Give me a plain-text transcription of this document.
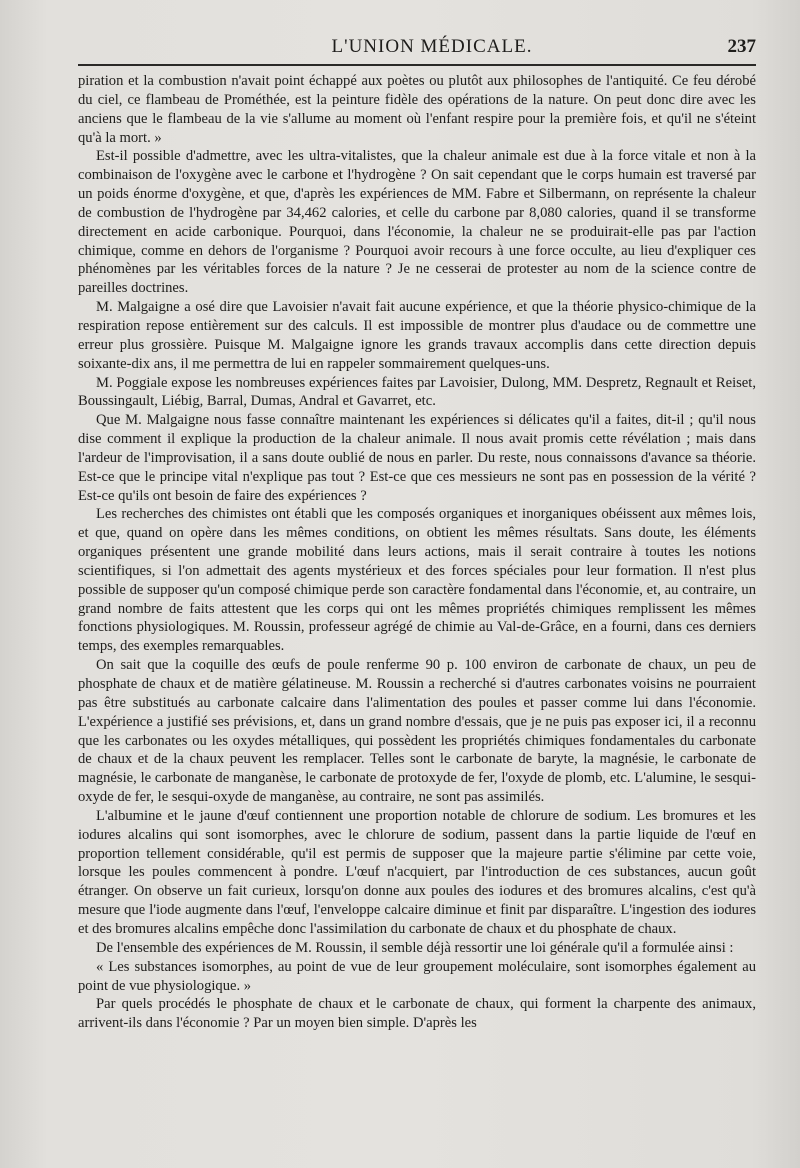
L'UNION MÉDICALE.	237

piration et la combustion n'avait point échappé aux poètes ou plutôt aux philosophes de l'antiquité. Ce feu dérobé du ciel, ce flambeau de Prométhée, est la peinture fidèle des opérations de la nature. On peut donc dire avec les anciens que le flambeau de la vie s'allume au moment où l'enfant respire pour la première fois, et qu'il ne s'éteint qu'à la mort. »

Est-il possible d'admettre, avec les ultra-vitalistes, que la chaleur animale est due à la force vitale et non à la combinaison de l'oxygène avec le carbone et l'hydrogène ? On sait cependant que le corps humain est traversé par un poids énorme d'oxygène, et que, d'après les expériences de MM. Fabre et Silbermann, on représente la chaleur de combustion de l'hydrogène par 34,462 calories, et celle du carbone par 8,080 calories, quand il se transforme directement en acide carbonique. Pourquoi, dans l'économie, la chaleur ne se produirait-elle pas par l'action chimique, comme en dehors de l'organisme ? Pourquoi avoir recours à une force occulte, au lieu d'expliquer ces phénomènes par les véritables forces de la nature ? Je ne cesserai de protester au nom de la science contre de pareilles doctrines.

M. Malgaigne a osé dire que Lavoisier n'avait fait aucune expérience, et que la théorie physico-chimique de la respiration repose entièrement sur des calculs. Il est impossible de montrer plus d'audace ou de commettre une erreur plus grossière. Puisque M. Malgaigne ignore les grands travaux accomplis dans cette direction depuis soixante-dix ans, il me permettra de lui en rappeler sommairement quelques-uns.

M. Poggiale expose les nombreuses expériences faites par Lavoisier, Dulong, MM. Despretz, Regnault et Reiset, Boussingault, Liébig, Barral, Dumas, Andral et Gavarret, etc.

Que M. Malgaigne nous fasse connaître maintenant les expériences si délicates qu'il a faites, dit-il ; qu'il nous dise comment il explique la production de la chaleur animale. Il nous avait promis cette révélation ; mais dans l'ardeur de l'improvisation, il a sans doute oublié de nous en parler. Du reste, nous connaissons d'avance sa théorie. Est-ce que le principe vital n'explique pas tout ? Est-ce que ces messieurs ne sont pas en possession de la vérité ? Est-ce qu'ils ont besoin de faire des expériences ?

Les recherches des chimistes ont établi que les composés organiques et inorganiques obéissent aux mêmes lois, et que, quand on opère dans les mêmes conditions, on obtient les mêmes résultats. Sans doute, les éléments organiques présentent une grande mobilité dans leurs actions, mais il serait contraire à toutes les notions scientifiques, si l'on admettait des agents mystérieux et des forces spéciales pour leur formation. Il n'est plus possible de supposer qu'un composé chimique perde son caractère fondamental dans l'économie, et, au contraire, un grand nombre de faits attestent que les corps qui ont les mêmes propriétés chimiques remplissent les mêmes fonctions physiologiques. M. Roussin, professeur agrégé de chimie au Val-de-Grâce, en a fourni, dans ces derniers temps, des exemples remarquables.

On sait que la coquille des œufs de poule renferme 90 p. 100 environ de carbonate de chaux, un peu de phosphate de chaux et de matière gélatineuse. M. Roussin a recherché si d'autres carbonates voisins ne pourraient pas être substitués au carbonate calcaire dans l'alimentation des poules et passer comme lui dans l'économie. L'expérience a justifié ses prévisions, et, dans un grand nombre d'essais, que je ne puis pas exposer ici, il a reconnu que les carbonates ou les oxydes métalliques, qui possèdent les propriétés chimiques fondamentales du carbonate de chaux et de la chaux peuvent les remplacer. Telles sont le carbonate de baryte, la magnésie, le carbonate de magnésie, le carbonate de manganèse, le carbonate de protoxyde de fer, l'oxyde de plomb, etc. L'alumine, le sesqui-oxyde de fer, le sesqui-oxyde de manganèse, au contraire, ne sont pas assimilés.

L'albumine et le jaune d'œuf contiennent une proportion notable de chlorure de sodium. Les bromures et les iodures alcalins qui sont isomorphes, avec le chlorure de sodium, passent dans la partie liquide de l'œuf en proportion tellement considérable, qu'il est permis de supposer que la majeure partie s'élimine par cette voie, lorsque les poules commencent à pondre. L'œuf n'acquiert, par l'introduction de ces substances, aucun goût étranger. On observe un fait curieux, lorsqu'on donne aux poules des iodures et des bromures alcalins, c'est qu'à mesure que l'iode augmente dans l'œuf, l'enveloppe calcaire diminue et finit par disparaître. L'ingestion des iodures et des bromures alcalins empêche donc l'assimilation du carbonate de chaux et du phosphate de chaux.

De l'ensemble des expériences de M. Roussin, il semble déjà ressortir une loi générale qu'il a formulée ainsi :

« Les substances isomorphes, au point de vue de leur groupement moléculaire, sont isomorphes également au point de vue physiologique. »

Par quels procédés le phosphate de chaux et le carbonate de chaux, qui forment la charpente des animaux, arrivent-ils dans l'économie ? Par un moyen bien simple. D'après les
